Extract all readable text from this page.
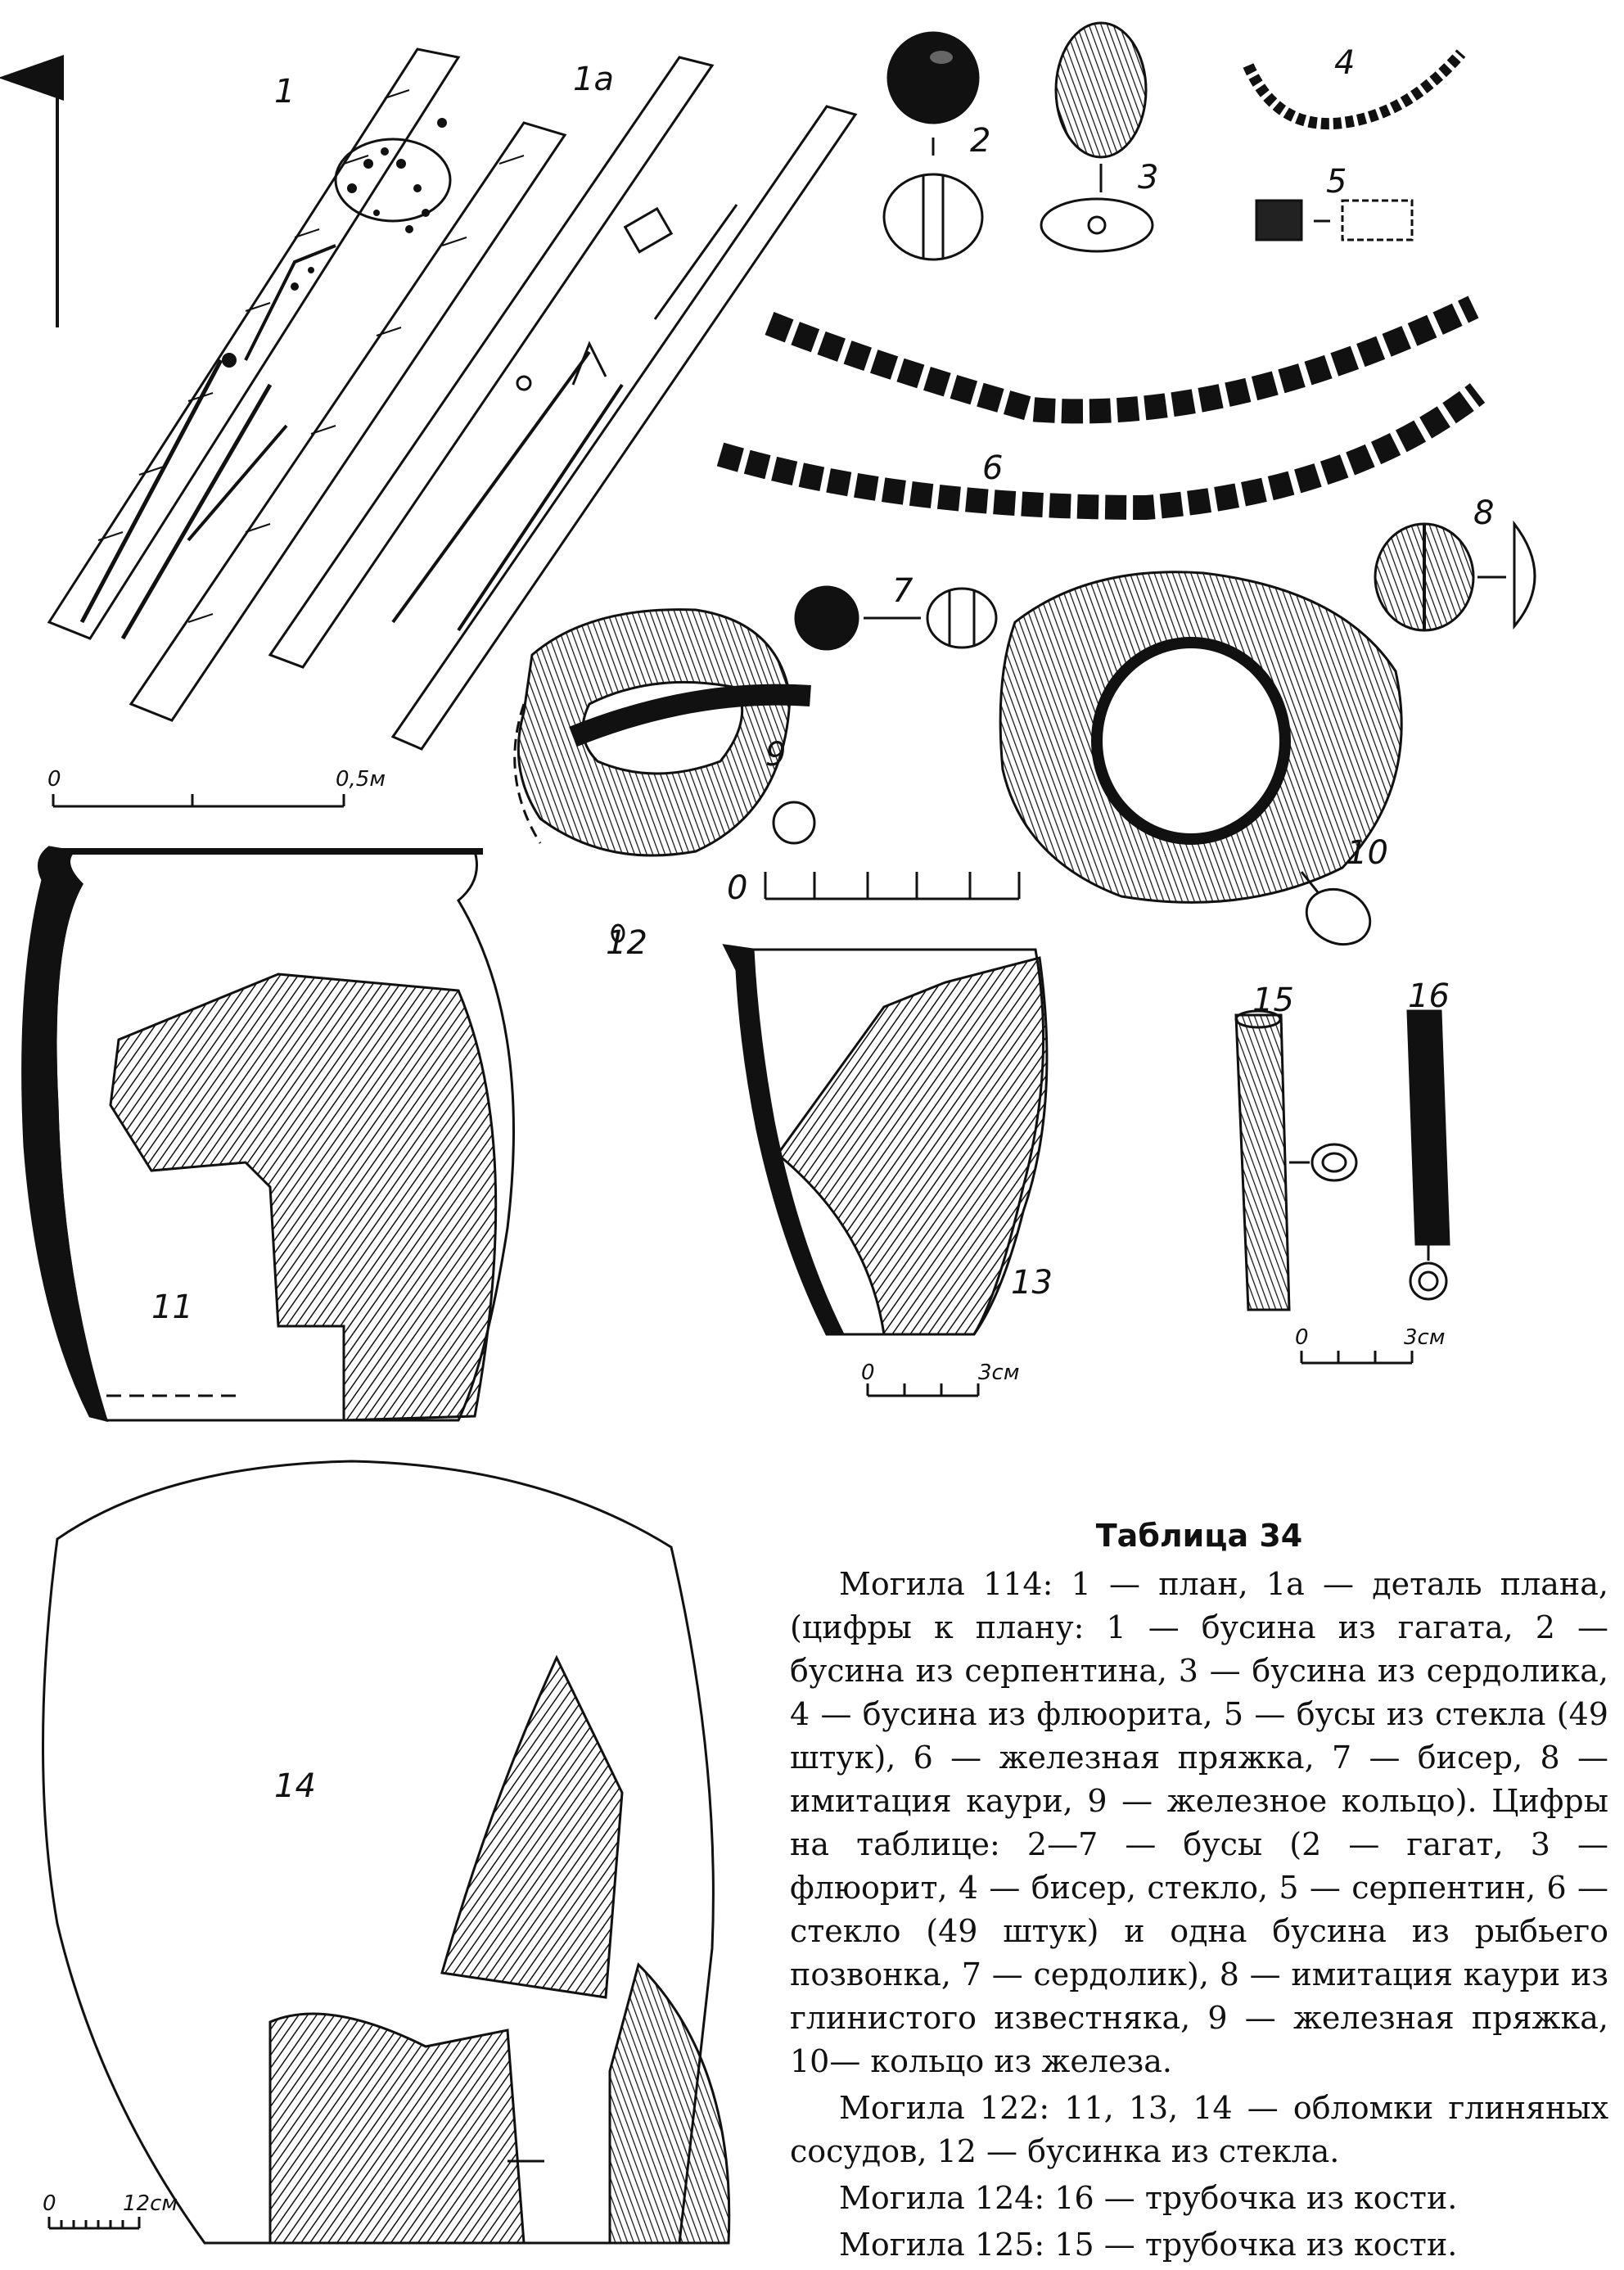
0	0,5м
1	1а
2
3
4
5
6
7
8
9
0
10
11
12
13
0	3см
15	16
0	3см
14
0	12см
Таблица 34

Могила 114: 1 — план, 1а — деталь плана, (цифры к плану: 1 — бусина из гагата, 2 — бусина из серпентина, 3 — бусина из сердолика, 4 — бусина из флюорита, 5 — бусы из стекла (49 штук), 6 — железная пряжка, 7 — бисер, 8 — имитация каури, 9 — железное кольцо). Цифры на таблице: 2—7 — бусы (2 — гагат, 3 — флюорит, 4 — бисер, стекло, 5 — серпентин, 6 — стекло (49 штук) и одна бусина из рыбьего позвонка, 7 — сердолик), 8 — имитация каури из глинистого известняка, 9 — железная пряжка, 10— кольцо из железа.

Могила 122: 11, 13, 14 — обломки глиняных сосудов, 12 — бусинка из стекла.

Могила 124: 16 — трубочка из кости.

Могила 125: 15 — трубочка из кости.
